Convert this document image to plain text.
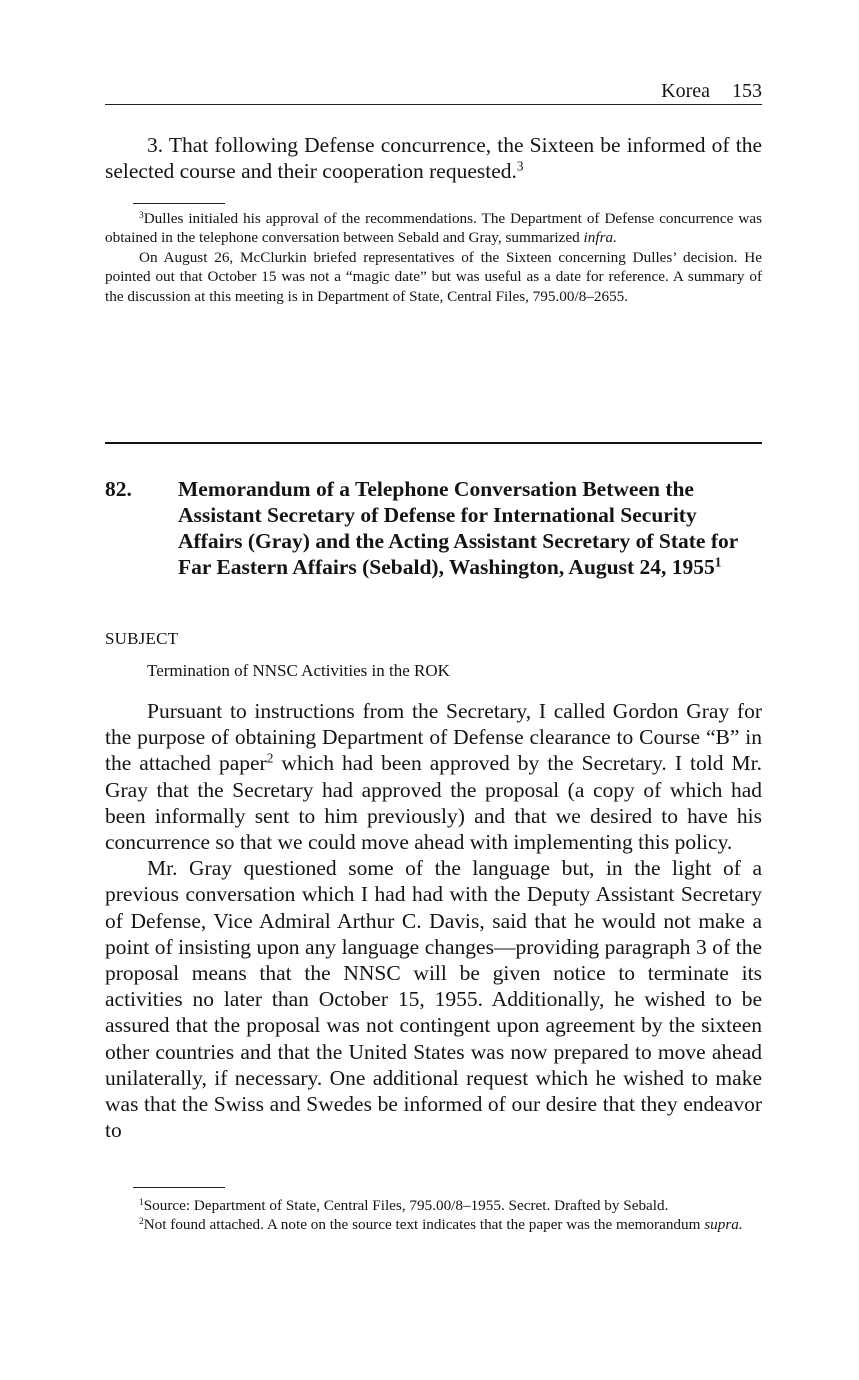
Korea 153

3. That following Defense concurrence, the Sixteen be informed of the selected course and their cooperation requested.$^3$

$^3$Dulles initialed his approval of the recommendations. The Department of Defense concurrence was obtained in the telephone conversation between Sebald and Gray, summarized infra.

On August 26, McClurkin briefed representatives of the Sixteen concerning Dulles’ decision. He pointed out that October 15 was not a “magic date” but was useful as a date for reference. A summary of the discussion at this meeting is in Department of State, Central Files, 795.00/8–2655.

82. Memorandum of a Telephone Conversation Between the Assistant Secretary of Defense for International Security Affairs (Gray) and the Acting Assistant Secretary of State for Far Eastern Affairs (Sebald), Washington, August 24, 1955$^1$
SUBJECT
Termination of NNSC Activities in the ROK

Pursuant to instructions from the Secretary, I called Gordon Gray for the purpose of obtaining Department of Defense clearance to Course “B” in the attached paper$^2$ which had been approved by the Secretary. I told Mr. Gray that the Secretary had approved the proposal (a copy of which had been informally sent to him previously) and that we desired to have his concurrence so that we could move ahead with implementing this policy.

Mr. Gray questioned some of the language but, in the light of a previous conversation which I had had with the Deputy Assistant Secretary of Defense, Vice Admiral Arthur C. Davis, said that he would not make a point of insisting upon any language changes—providing paragraph 3 of the proposal means that the NNSC will be given notice to terminate its activities no later than October 15, 1955. Additionally, he wished to be assured that the proposal was not contingent upon agreement by the sixteen other countries and that the United States was now prepared to move ahead unilaterally, if necessary. One additional request which he wished to make was that the Swiss and Swedes be informed of our desire that they endeavor to

$^1$Source: Department of State, Central Files, 795.00/8–1955. Secret. Drafted by Sebald.

$^2$Not found attached. A note on the source text indicates that the paper was the memorandum supra.
